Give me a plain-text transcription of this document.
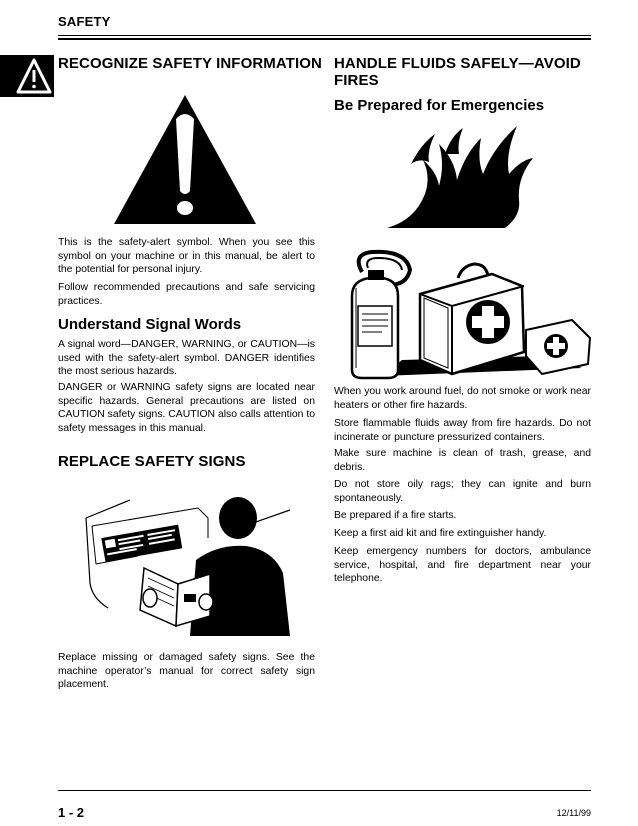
SAFETY
RECOGNIZE SAFETY INFORMATION

This is the safety-alert symbol. When you see this symbol on your machine or in this manual, be alert to the potential for personal injury.

Follow recommended precautions and safe servicing practices.

Understand Signal Words

A signal word—DANGER, WARNING, or CAUTION—is used with the safety-alert symbol. DANGER identifies the most serious hazards.

DANGER or WARNING safety signs are located near specific hazards. General precautions are listed on CAUTION safety signs. CAUTION also calls attention to safety messages in this manual.

REPLACE SAFETY SIGNS

Replace missing or damaged safety signs. See the machine operator’s manual for correct safety sign placement.

HANDLE FLUIDS SAFELY—AVOID
FIRES
Be Prepared for Emergencies

When you work around fuel, do not smoke or work near heaters or other fire hazards.

Store flammable fluids away from fire hazards. Do not incinerate or puncture pressurized containers.

Make sure machine is clean of trash, grease, and debris.

Do not store oily rags; they can ignite and burn spontaneously.

Be prepared if a fire starts.

Keep a first aid kit and fire extinguisher handy.

Keep emergency numbers for doctors, ambulance service, hospital, and fire department near your telephone.

1 - 2	12/11/99
